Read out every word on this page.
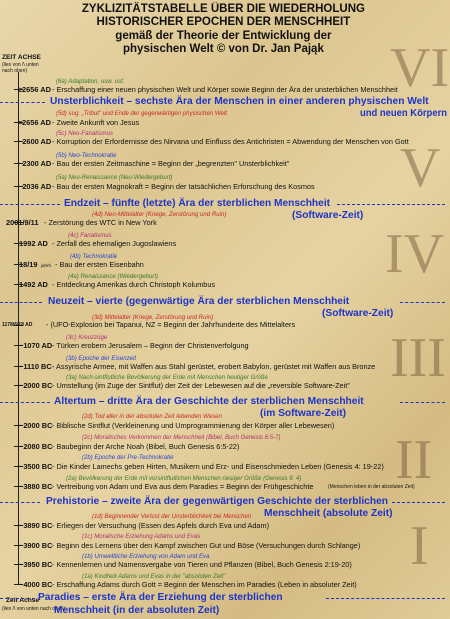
ZYKLIZITÄTSTABELLE ÜBER DIE WIEDERHOLUNG
HISTORISCHER EPOCHEN DER MENSCHHEIT
gemäß der Theorie der Entwicklung der
physischen Welt © von Dr. Jan Pająk	VI
V
IV
III
II
I
ZEIT ACHSE
(lies von /\ unten nach oben)
Zeit Achse
(lies /\ von unten nach oben)
(6a) Adaptation, usw. usf.
≥2656 AD - Erschaffung einer neuen physischen Welt und Körper sowie Beginn der Ära der unsterblichen Menschheit
Unsterblichkeit – sechste Ära der Menschen in einer anderen physischen Welt
und neuen Körpern
(5d) sog. „Tribut" und Ende der gegenwärtigen physischen Welt
≈2656 AD - Zweite Ankunft von Jesus
(5c) Neo-Fanatismus
~2600 AD - Korruption der Erfordernisse des Nirvana und Einfluss des Antichristen = Abwendung der Menschen von Gott
(5b) Neo-Technokratie
~2300 AD - Bau der ersten Zeitmaschine = Beginn der „begrenzten" Unsterblichkeit"
(5a) Neu-Renaissance (Neu-Wiedergeburt)
~2036 AD - Bau der ersten Magnokraft = Beginn der tatsächlichen Erforschung des Kosmos
Endzeit – fünfte (letzte) Ära der sterblichen Menschheit
(Software-Zeit)
(4d) Neo-Mittelalter (Kriege, Zerstörung und Ruin)
2001/9/11 - Zerstörung des WTC in New York
(4c) Fanatismus
1992 AD - Zerfall des ehemaligen Jugoslawiens
(4b) Technokratie
18/19 jahrh. - Bau der ersten Eisenbahn
(4a) Renaissance (Wiedergeburt)
1492 AD - Entdeckung Amerikas durch Christoph Kolumbus
Neuzeit – vierte (gegenwärtige Ära der sterblichen Menschheit
(Software-Zeit)
(3d) Mittelalter (Kriege, Zerstörung und Ruin)
1178/6/18 AD - (UFO-Explosion bei Tapanui, NZ = Beginn der Jahrhunderte des Mittelalters
(3c) Kreuzzüge
~1070 AD - Türken erobern Jerusalem – Beginn der Christenverfolgung
(3b) Epoche der Eisenzeit
~1110 BC - Assyrische Armee, mit Waffen aus Stahl gerüstet, erobert Babylon, gerüstet mit Waffen aus Bronze
(3a) Nach-sintflutliche Bevölkerung der Erde mit Menschen heutiger Größe
~2000 BC - Umstellung (im Zuge der Sintflut) der Zeit der Lebewesen auf die „reversible Software-Zeit"
Altertum – dritte Ära der Geschichte der sterblichen Menschheit
(im Software-Zeit)
(2d) Tod aller in der absoluten Zeit lebenden Wesen
~2000 BC - Biblische Sintflut (Verkleinerung und Umprogrammierung der Körper aller Lebewesen)
(2c) Moralisches Verkommen der Menschheit (Bibel, Buch Genesis 6:5-7)
~2080 BC - Baubeginn der Arche Noah (Bibel, Buch Genesis 6:5-22)
(2b) Epoche der Pre-Technokratie
~3500 BC - Die Kinder Lamechs geben Hirten, Musikern und Erz- und Eisenschmieden Leben (Genesis 4: 19-22)
(2a) Bevölkerung der Erde mit vorsintflutlichen Menschen riesiger Größe (Genesis 6: 4)
~3880 BC - Vertreibung von Adam und Eva aus dem Paradies = Beginn der Frühgeschichte	(Menschen leben in der absoluten Zeit)
Prehistorie – zweite Ära der gegenwärtigen Geschichte der sterblichen
Menschheit (absolute Zeit)
(1d) Beginnender Verlust der Unsterblichkeit bei Menschen
~3890 BC - Erliegen der Versuchung (Essen des Apfels durch Eva und Adam)
(1c) Moralische Erziehung Adams und Evas
~3900 BC - Beginn des Lernens über den Kampf zwischen Gut und Böse (Versuchungen durch Schlange)
(1b) Umweltliche Erziehung von Adam und Eva
~3950 BC - Kennenlernen und Namensvergabe von Tieren und Pflanzen (Bibel, Buch Genesis 2:19-20)
(1a) Kindheit Adams und Evas in der "absoluten Zeit"
~4000 BC - Erschaffung Adams durch Gott = Beginn der Menschen im Paradies (Leben in absoluter Zeit)
Paradies – erste Ära der Erziehung der sterblichen
Menschheit (in der absoluten Zeit)
